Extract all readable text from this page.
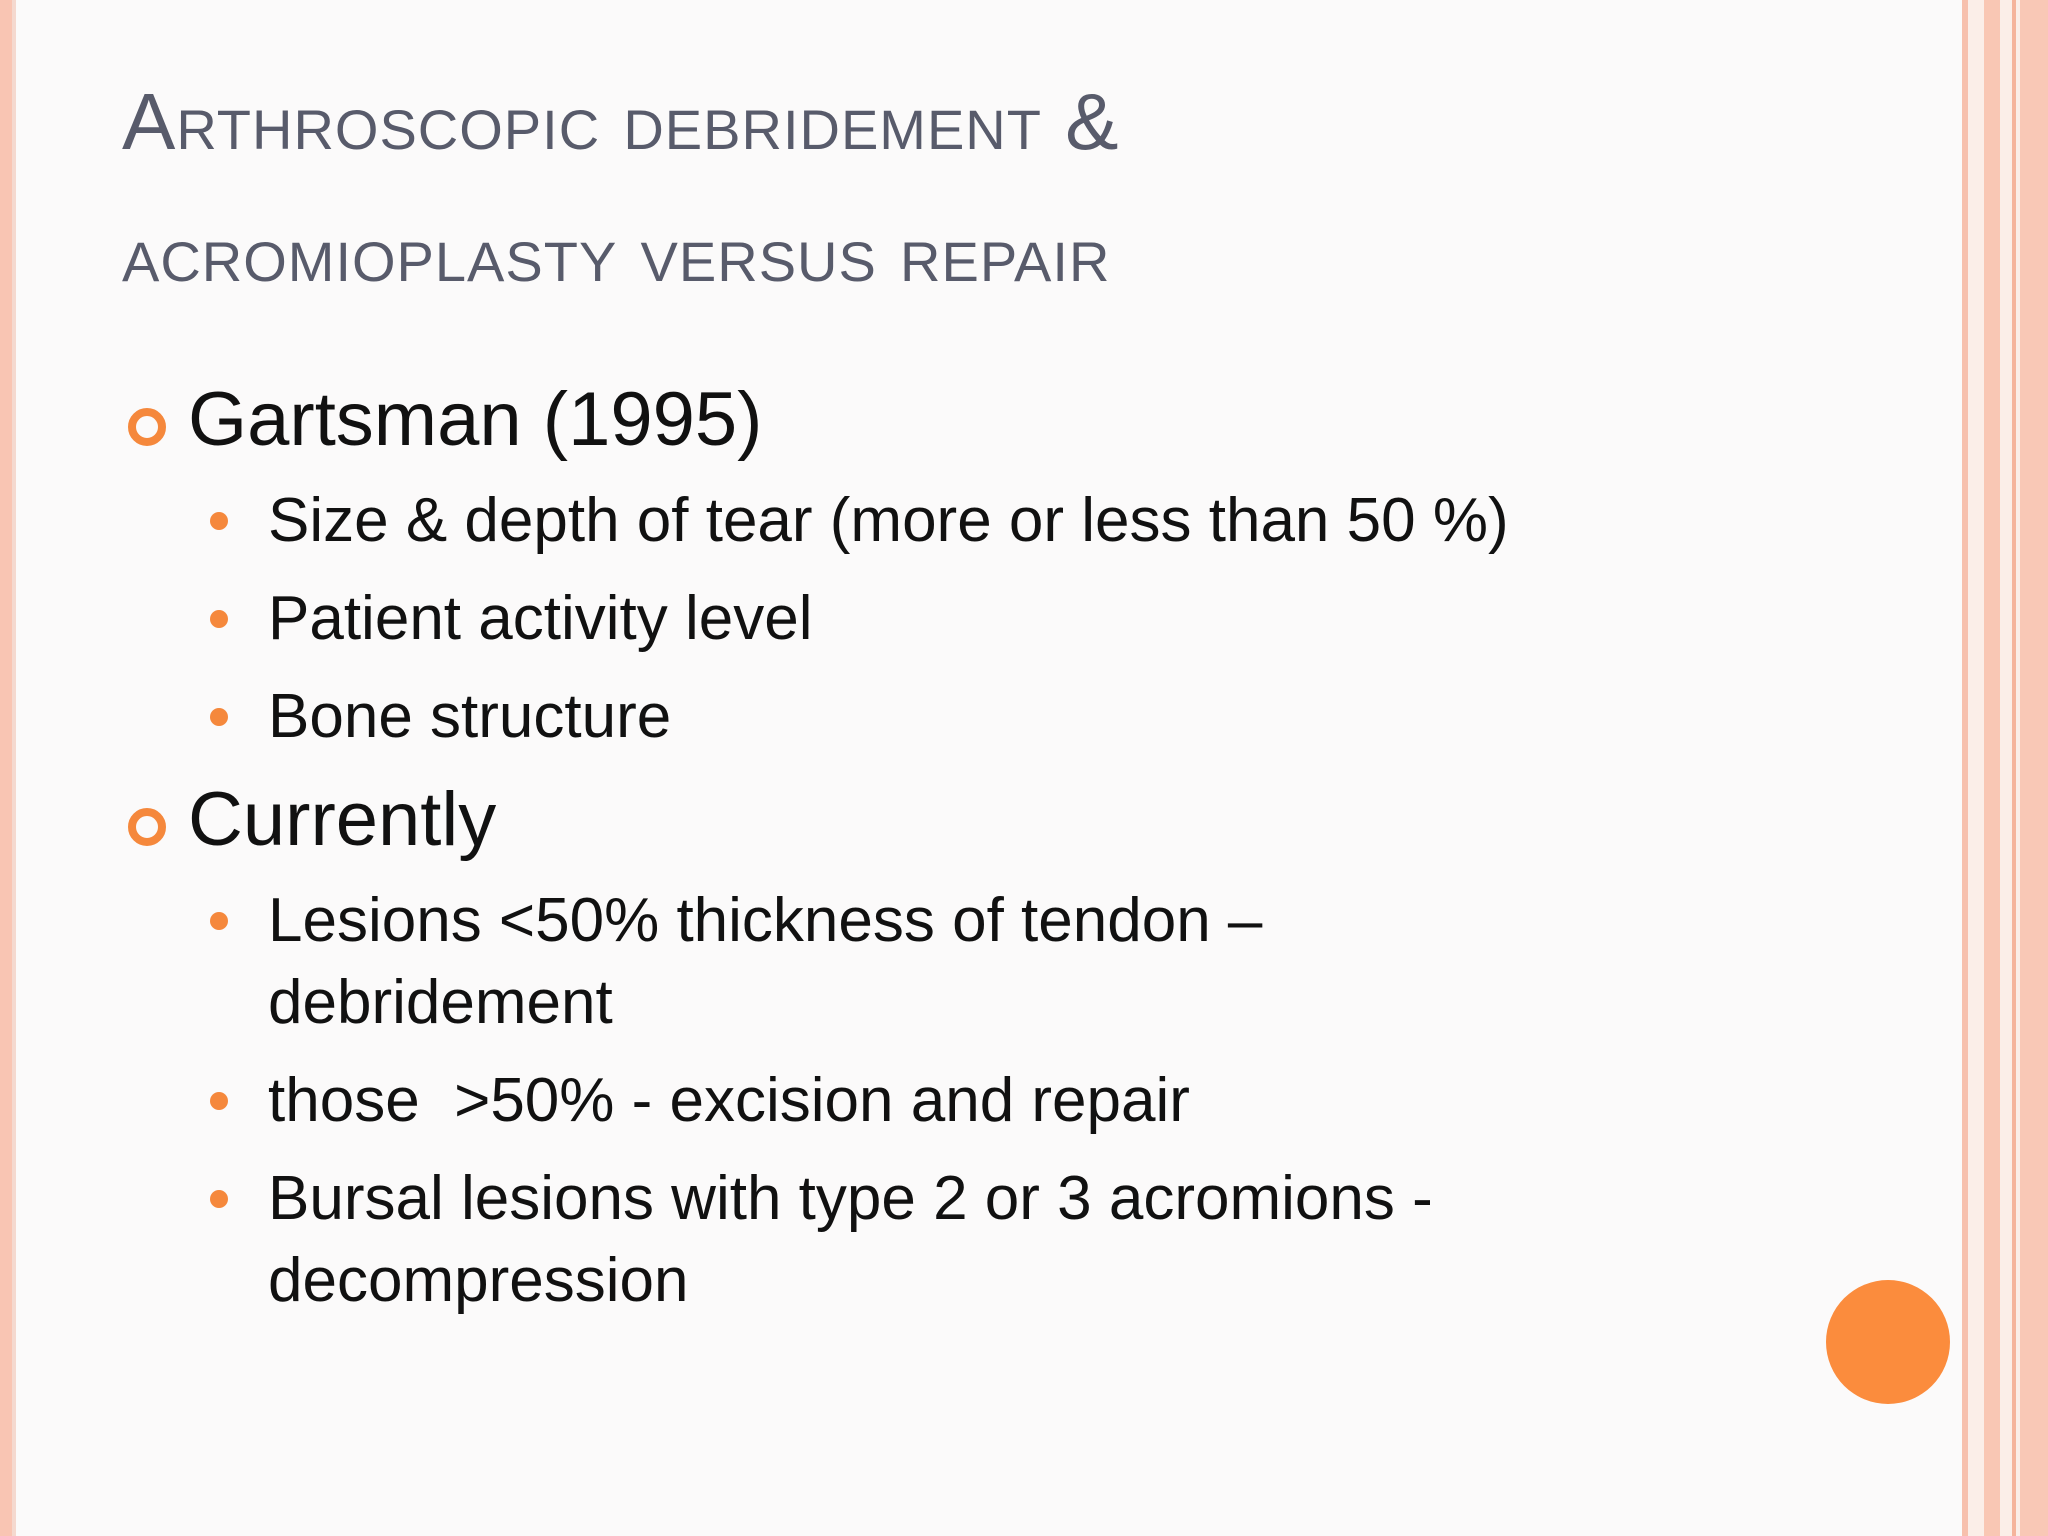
Arthroscopic debridement &
acromioplasty versus repair
Gartsman (1995)
Size & depth of tear (more or less than 50 %)
Patient activity level
Bone structure
Currently
Lesions <50% thickness of tendon – debridement
those  >50% - excision and repair
Bursal lesions with type 2 or 3 acromions - decompression
